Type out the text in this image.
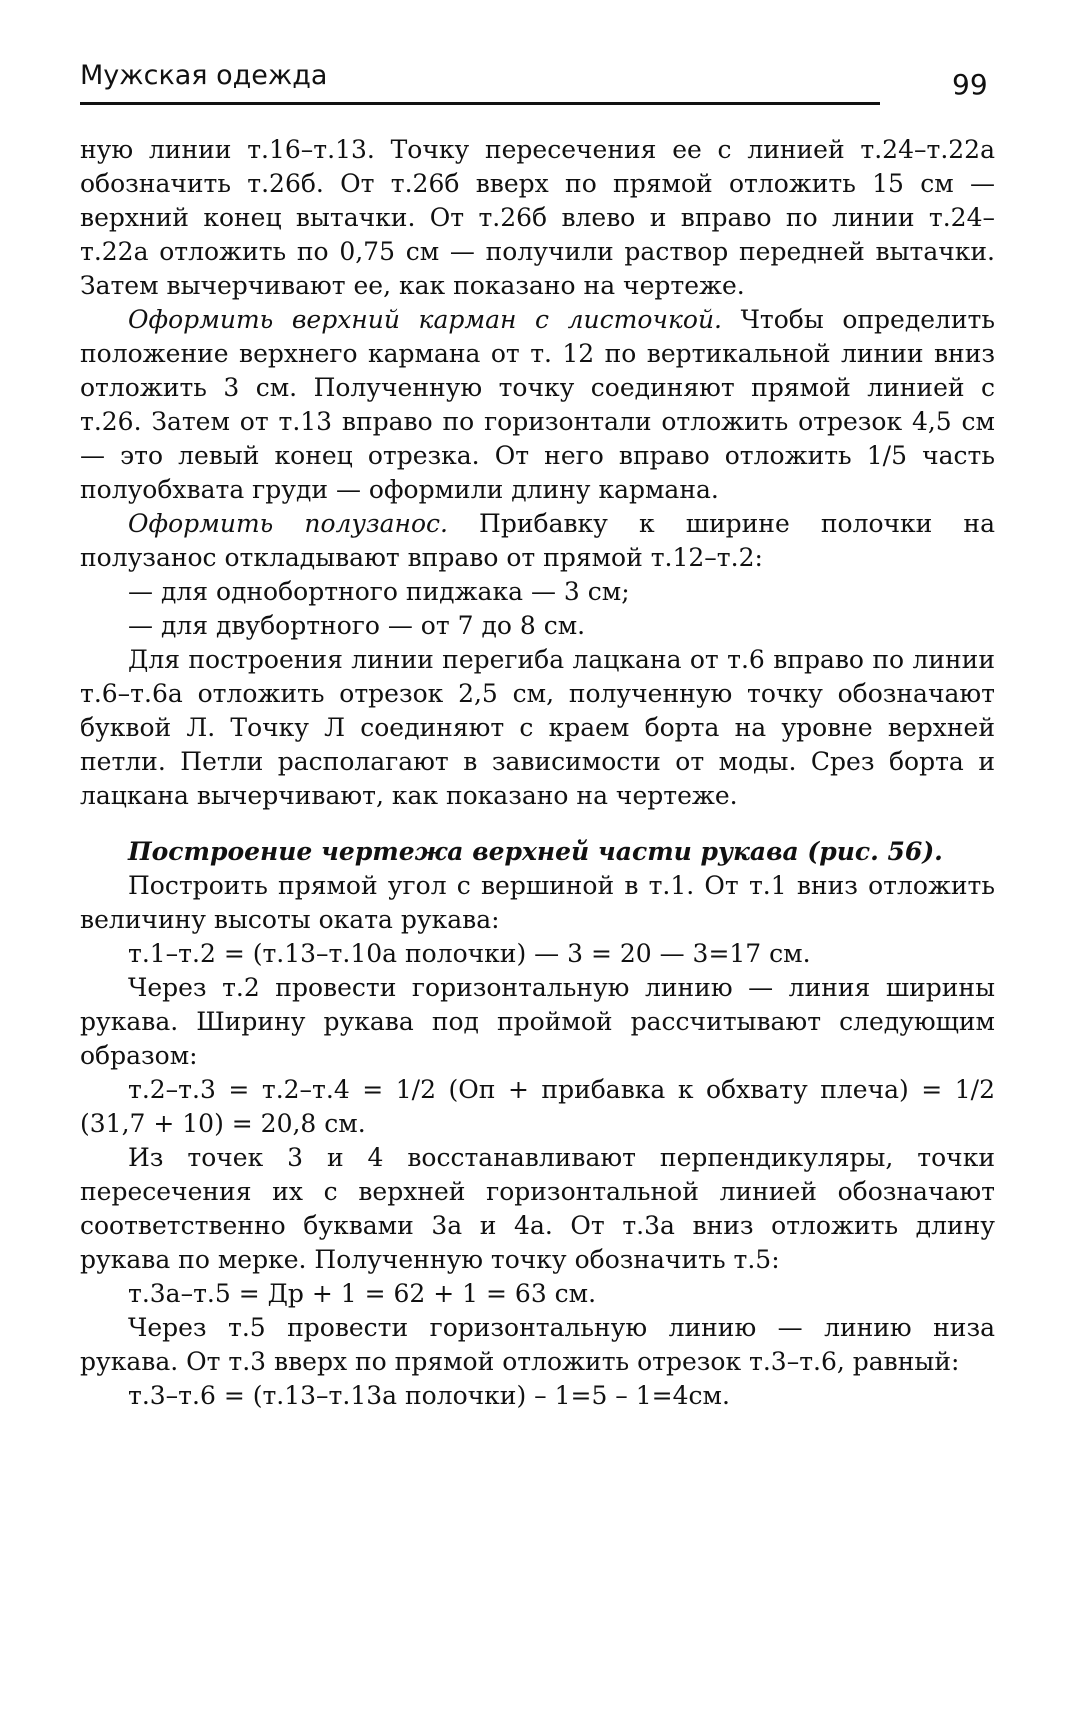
Мужская одежда	99

ную линии т.16–т.13. Точку пересечения ее с линией т.24–т.22а обозначить т.26б. От т.26б вверх по прямой отложить 15 см — верхний конец вытачки. От т.26б влево и вправо по линии т.24–т.22а отложить по 0,75 см — получили раствор передней вытачки. Затем вычерчивают ее, как показано на чертеже.

Оформить верхний карман с листочкой. Чтобы определить положение верхнего кармана от т. 12 по вертикальной линии вниз отложить 3 см. Полученную точку соединяют прямой линией с т.26. Затем от т.13 вправо по горизонтали отложить отрезок 4,5 см — это левый конец отрезка. От него вправо отложить 1/5 часть полуобхвата груди — оформили длину кармана.

Оформить полузанос. Прибавку к ширине полочки на полузанос откладывают вправо от прямой т.12–т.2:

— для однобортного пиджака — 3 см;

— для двубортного — от 7 до 8 см.

Для построения линии перегиба лацкана от т.6 вправо по линии т.6–т.6а отложить отрезок 2,5 см, полученную точку обозначают буквой Л. Точку Л соединяют с краем борта на уровне верхней петли. Петли располагают в зависимости от моды. Срез борта и лацкана вычерчивают, как показано на чертеже.

Построение чертежа верхней части рукава (рис. 56).

Построить прямой угол с вершиной в т.1. От т.1 вниз отложить величину высоты оката рукава:

т.1–т.2 = (т.13–т.10а полочки) — 3 = 20 — 3=17 см.

Через т.2 провести горизонтальную линию — линия ширины рукава. Ширину рукава под проймой рассчитывают следующим образом:

т.2–т.3 = т.2–т.4 = 1/2 (Оп + прибавка к обхвату плеча) = 1/2 (31,7 + 10) = 20,8 см.

Из точек 3 и 4 восстанавливают перпендикуляры, точки пересечения их с верхней горизонтальной линией обозначают соответственно буквами 3а и 4а. От т.3а вниз отложить длину рукава по мерке. Полученную точку обозначить т.5:

т.3а–т.5 = Др + 1 = 62 + 1 = 63 см.

Через т.5 провести горизонтальную линию — линию низа рукава. От т.3 вверх по прямой отложить отрезок т.3–т.6, равный:

т.3–т.6 = (т.13–т.13а полочки) – 1=5 – 1=4см.
